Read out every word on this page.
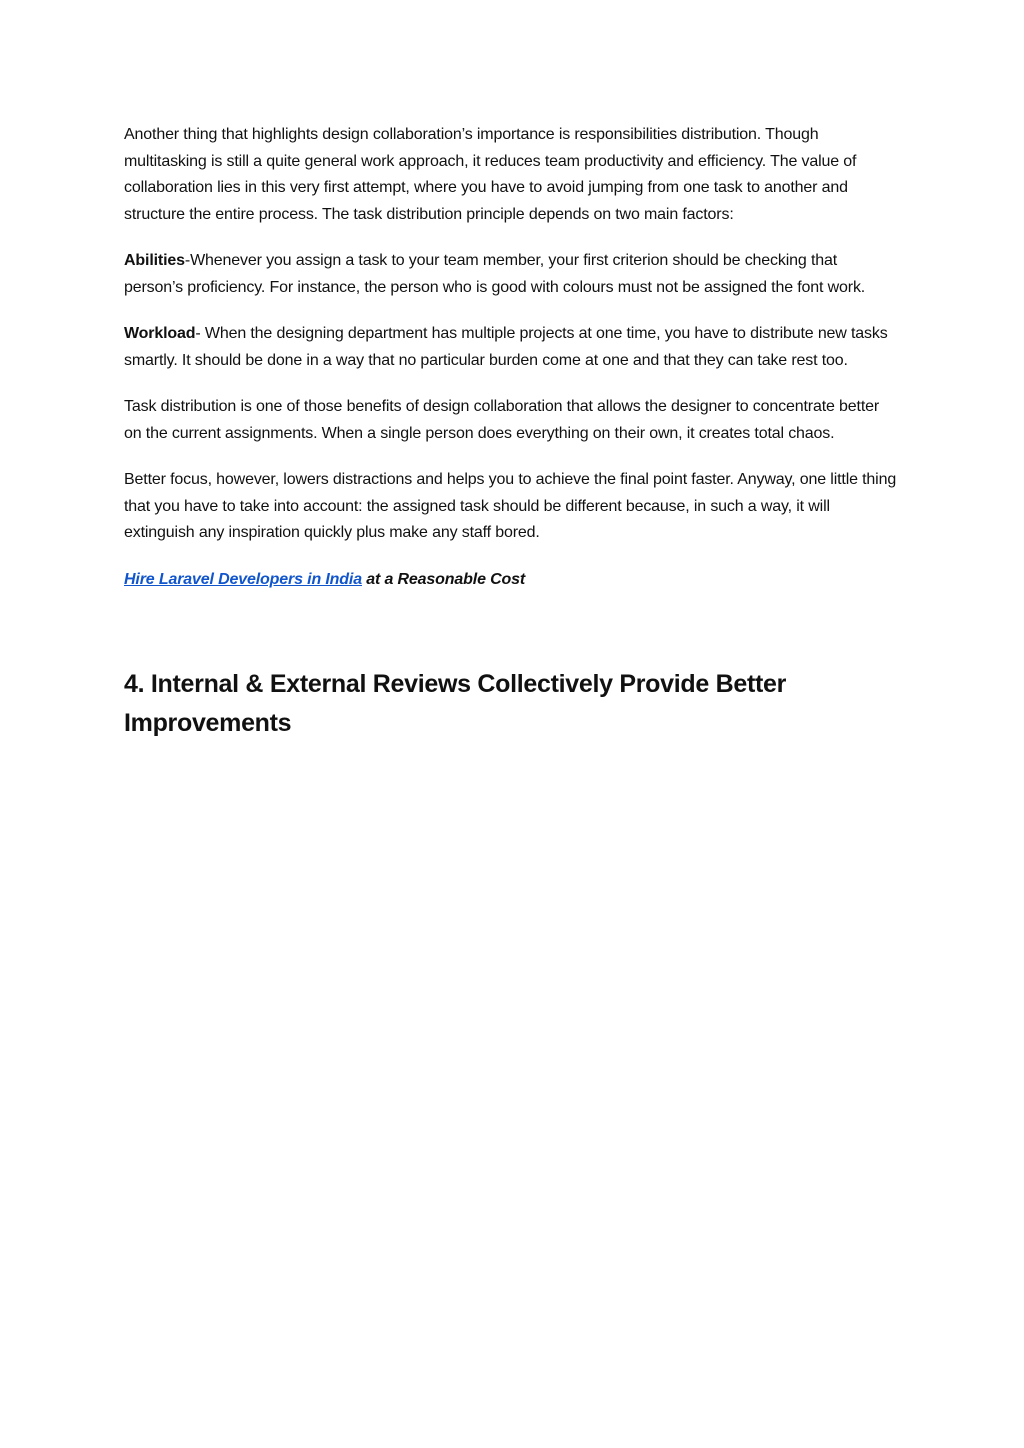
Another thing that highlights design collaboration’s importance is responsibilities distribution. Though multitasking is still a quite general work approach, it reduces team productivity and efficiency. The value of collaboration lies in this very first attempt, where you have to avoid jumping from one task to another and structure the entire process. The task distribution principle depends on two main factors:

Abilities-Whenever you assign a task to your team member, your first criterion should be checking that person’s proficiency. For instance, the person who is good with colours must not be assigned the font work.

Workload- When the designing department has multiple projects at one time, you have to distribute new tasks smartly. It should be done in a way that no particular burden come at one and that they can take rest too.

Task distribution is one of those benefits of design collaboration that allows the designer to concentrate better on the current assignments. When a single person does everything on their own, it creates total chaos.

Better focus, however, lowers distractions and helps you to achieve the final point faster. Anyway, one little thing that you have to take into account: the assigned task should be different because, in such a way, it will extinguish any inspiration quickly plus make any staff bored.

Hire Laravel Developers in India at a Reasonable Cost

4. Internal & External Reviews Collectively Provide Better Improvements
